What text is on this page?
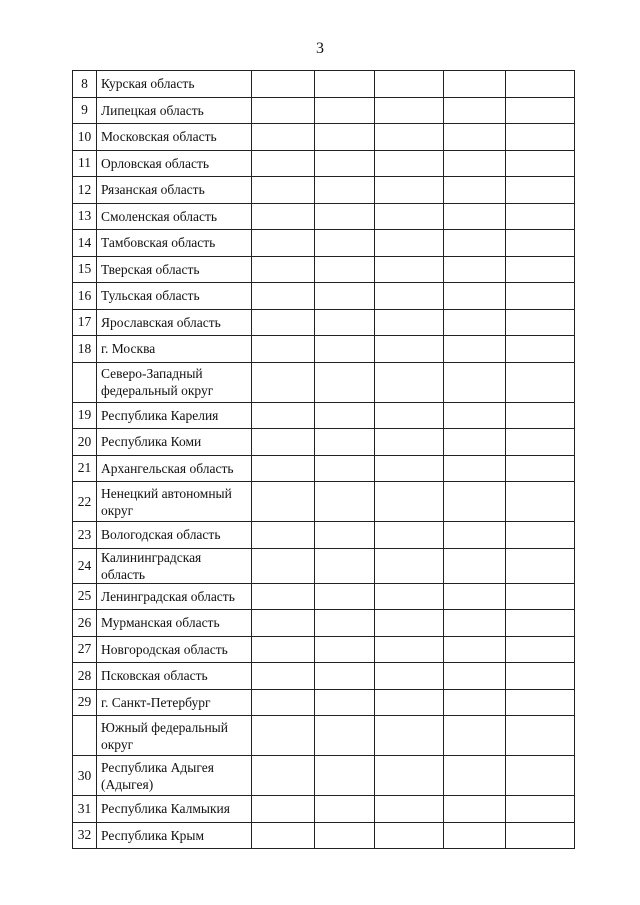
3
8	Курская область					
9	Липецкая область					
10	Московская область					
11	Орловская область					
12	Рязанская область					
13	Смоленская область					
14	Тамбовская область					
15	Тверская область					
16	Тульская область					
17	Ярославская область					
18	г. Москва					
	Северо-Западный федеральный округ					
19	Республика Карелия					
20	Республика Коми					
21	Архангельская область					
22	Ненецкий автономный округ					
23	Вологодская область					
24	Калининградская область					
25	Ленинградская область					
26	Мурманская область					
27	Новгородская область					
28	Псковская область					
29	г. Санкт-Петербург					
	Южный федеральный округ					
30	Республика Адыгея (Адыгея)					
31	Республика Калмыкия					
32	Республика Крым					
